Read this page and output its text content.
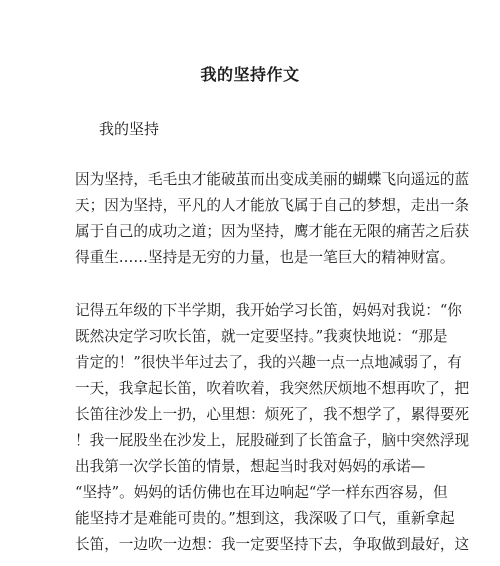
我的坚持作文
我的坚持
因为坚持，毛毛虫才能破茧而出变成美丽的蝴蝶飞向遥远的蓝
天；因为坚持，平凡的人才能放飞属于自己的梦想，走出一条
属于自己的成功之道；因为坚持，鹰才能在无限的痛苦之后获
得重生……坚持是无穷的力量，也是一笔巨大的精神财富。
记得五年级的下半学期，我开始学习长笛，妈妈对我说：“你
既然决定学习吹长笛，就一定要坚持。”我爽快地说：“那是
肯定的！”很快半年过去了，我的兴趣一点一点地减弱了，有
一天，我拿起长笛，吹着吹着，我突然厌烦地不想再吹了，把
长笛往沙发上一扔，心里想：烦死了，我不想学了，累得要死
！我一屁股坐在沙发上，屁股碰到了长笛盒子，脑中突然浮现
出我第一次学长笛的情景，想起当时我对妈妈的承诺—
“坚持”。妈妈的话仿佛也在耳边响起“学一样东西容易，但
能坚持才是难能可贵的。”想到这，我深吸了口气，重新拿起
长笛，一边吹一边想：我一定要坚持下去，争取做到最好，这
